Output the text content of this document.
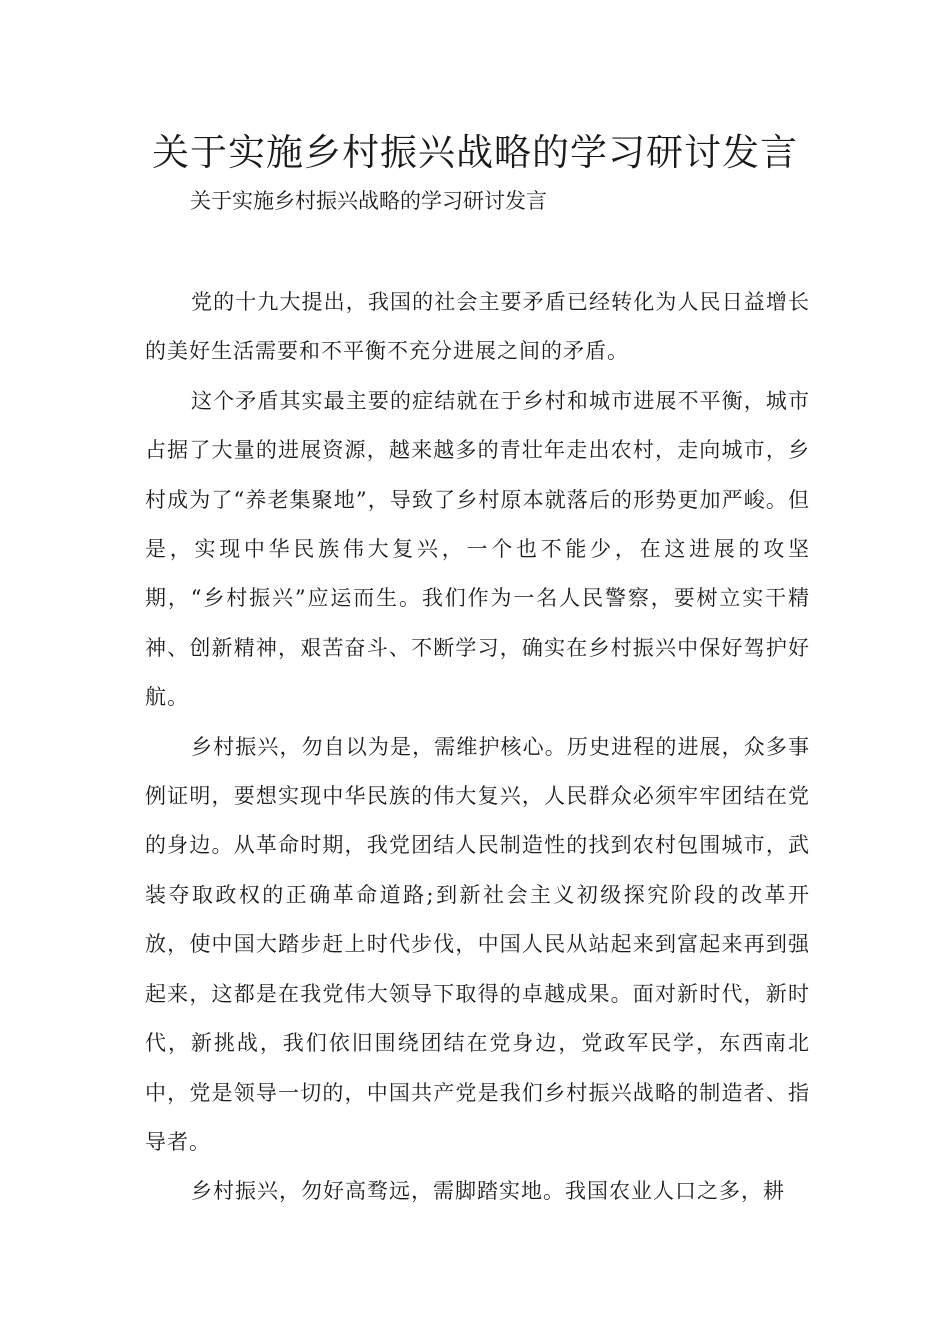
关于实施乡村振兴战略的学习研讨发言

关于实施乡村振兴战略的学习研讨发言

党的十九大提出，我国的社会主要矛盾已经转化为人民日益增长的美好生活需要和不平衡不充分进展之间的矛盾。

这个矛盾其实最主要的症结就在于乡村和城市进展不平衡，城市占据了大量的进展资源，越来越多的青壮年走出农村，走向城市，乡村成为了“养老集聚地”，导致了乡村原本就落后的形势更加严峻。但是，实现中华民族伟大复兴，一个也不能少，在这进展的攻坚期，“乡村振兴”应运而生。我们作为一名人民警察，要树立实干精神、创新精神，艰苦奋斗、不断学习，确实在乡村振兴中保好驾护好航。

乡村振兴，勿自以为是，需维护核心。历史进程的进展，众多事例证明，要想实现中华民族的伟大复兴，人民群众必须牢牢团结在党的身边。从革命时期，我党团结人民制造性的找到农村包围城市，武装夺取政权的正确革命道路;到新社会主义初级探究阶段的改革开放，使中国大踏步赶上时代步伐，中国人民从站起来到富起来再到强起来，这都是在我党伟大领导下取得的卓越成果。面对新时代，新时代，新挑战，我们依旧围绕团结在党身边，党政军民学，东西南北中，党是领导一切的，中国共产党是我们乡村振兴战略的制造者、指导者。

乡村振兴，勿好高骛远，需脚踏实地。我国农业人口之多，耕
